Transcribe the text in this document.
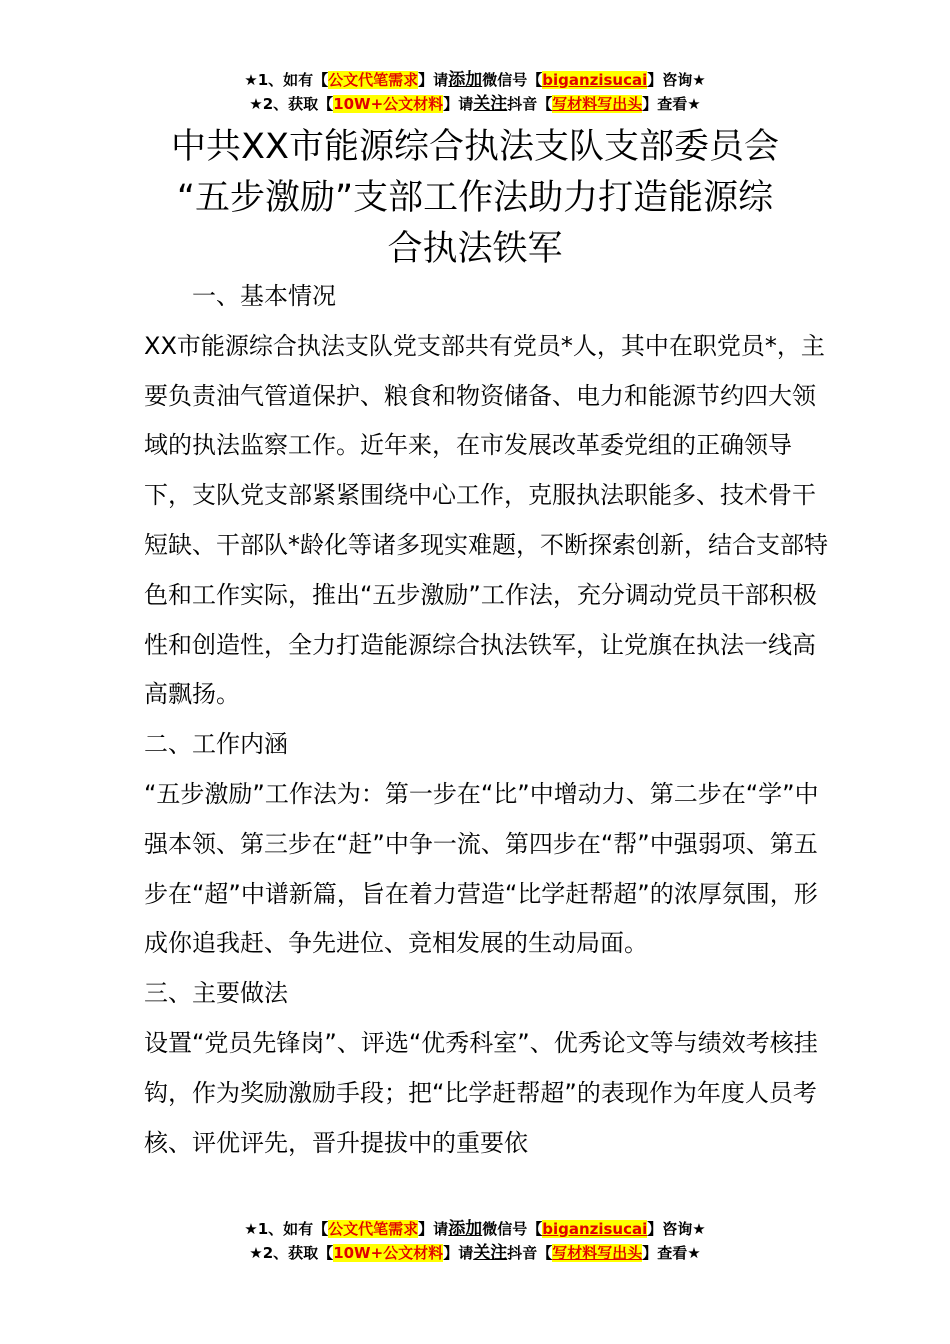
★1、如有【公文代笔需求】请添加微信号【biganzisucai】咨询★
★2、获取【10W+公文材料】请关注抖音【写材料写出头】查看★
中共XX市能源综合执法支队支部委员会
“五步激励”支部工作法助力打造能源综
合执法铁军

一、基本情况

XX市能源综合执法支队党支部共有党员*人，其中在职党员*，主要负责油气管道保护、粮食和物资储备、电力和能源节约四大领域的执法监察工作。近年来，在市发展改革委党组的正确领导下，支队党支部紧紧围绕中心工作，克服执法职能多、技术骨干短缺、干部队*龄化等诸多现实难题，不断探索创新，结合支部特色和工作实际，推出“五步激励”工作法，充分调动党员干部积极性和创造性，全力打造能源综合执法铁军，让党旗在执法一线高高飘扬。

二、工作内涵

“五步激励”工作法为：第一步在“比”中增动力、第二步在“学”中强本领、第三步在“赶”中争一流、第四步在“帮”中强弱项、第五步在“超”中谱新篇，旨在着力营造“比学赶帮超”的浓厚氛围，形成你追我赶、争先进位、竞相发展的生动局面。

三、主要做法

设置“党员先锋岗”、评选“优秀科室”、优秀论文等与绩效考核挂钩，作为奖励激励手段；把“比学赶帮超”的表现作为年度人员考核、评优评先，晋升提拔中的重要依

★1、如有【公文代笔需求】请添加微信号【biganzisucai】咨询★
★2、获取【10W+公文材料】请关注抖音【写材料写出头】查看★
